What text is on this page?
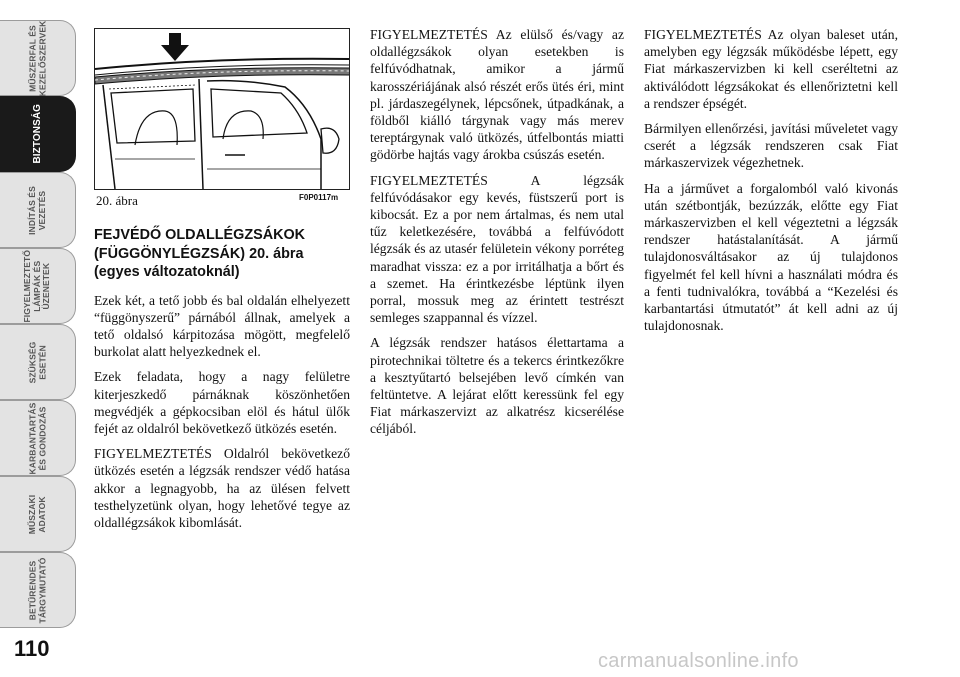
MŰSZERFAL ÉS
KEZELŐSZERVEK
BIZTONSÁG
INDÍTÁS ÉS
VEZETÉS
FIGYELMEZTETŐ
LÁMPÁK ÉS
ÜZENETEK
SZÜKSÉG
ESETÉN
KARBANTARTÁS
ÉS GONDOZÁS
MŰSZAKI
ADATOK
BETŰRENDES
TÁRGYMUTATÓ
110
20. ábra	F0P0117m
FEJVÉDŐ OLDALLÉGZSÁKOK
(FÜGGÖNYLÉGZSÁK) 20. ábra
(egyes változatoknál)

Ezek két, a tető jobb és bal oldalán elhelyezett “függönyszerű” párnából állnak, amelyek a tető oldalsó kárpitozása mögött, megfelelő burkolat alatt helyezkednek el.

Ezek feladata, hogy a nagy felületre kiterjeszkedő párnáknak köszönhetően megvédjék a gépkocsiban elöl és hátul ülők fejét az oldalról bekövetkező ütközés esetén.

FIGYELMEZTETÉS Oldalról bekövetkező ütközés esetén a légzsák rendszer védő hatása akkor a legnagyobb, ha az ülésen felvett testhelyzetünk olyan, hogy lehetővé tegye az oldallégzsákok kibomlását.

FIGYELMEZTETÉS Az elülső és/vagy az oldallégzsákok olyan esetekben is felfúvódhatnak, amikor a jármű karosszériájának alsó részét erős ütés éri, mint pl. járdaszegélynek, lépcsőnek, útpadkának, a földből kiálló tárgynak vagy más merev tereptárgynak való ütközés, útfelbontás miatti gödörbe hajtás vagy árokba csúszás esetén.

FIGYELMEZTETÉS A légzsák felfúvódásakor egy kevés, füstszerű port is kibocsát. Ez a por nem ártalmas, és nem utal tűz keletkezésére, továbbá a felfúvódott légzsák és az utasér felületein vékony porréteg maradhat vissza: ez a por irritálhatja a bőrt és a szemet. Ha érintkezésbe léptünk ilyen porral, mossuk meg az érintett testrészt semleges szappannal és vízzel.

A légzsák rendszer hatásos élettartama a pirotechnikai töltetre és a tekercs érintkezőkre a kesztyűtartó belsejében levő címkén van feltüntetve. A lejárat előtt keressünk fel egy Fiat márkaszervizt az alkatrész kicserélése céljából.

FIGYELMEZTETÉS Az olyan baleset után, amelyben egy légzsák működésbe lépett, egy Fiat márkaszervizben ki kell cseréltetni az aktiválódott légzsákokat és ellenőriztetni kell a rendszer épségét.

Bármilyen ellenőrzési, javítási műveletet vagy cserét a légzsák rendszeren csak Fiat márkaszervizek végezhetnek.

Ha a járművet a forgalomból való kivonás után szétbontják, bezúzzák, előtte egy Fiat márkaszervizben el kell végeztetni a légzsák rendszer hatástalanítását. A jármű tulajdonosváltásakor az új tulajdonos figyelmét fel kell hívni a használati módra és a fenti tudnivalókra, továbbá a “Kezelési és karbantartási útmutatót” át kell adni az új tulajdonosnak.

carmanualsonline.info
